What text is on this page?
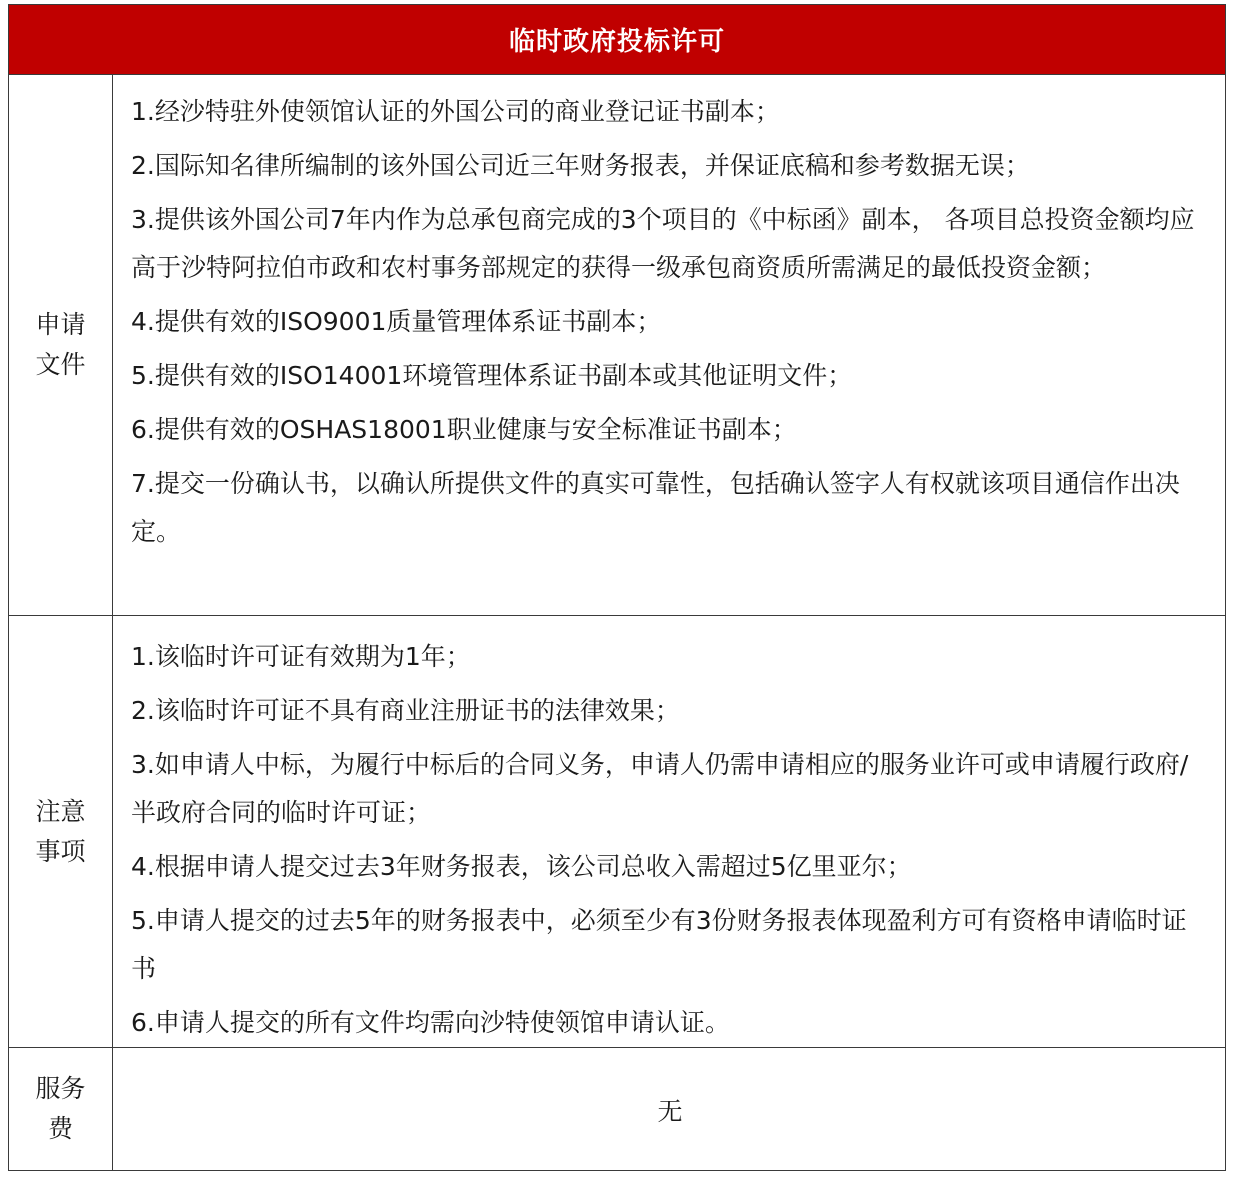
临时政府投标许可
申请文件
1.经沙特驻外使领馆认证的外国公司的商业登记证书副本；
2.国际知名律所编制的该外国公司近三年财务报表，并保证底稿和参考数据无误；
3.提供该外国公司7年内作为总承包商完成的3个项目的《中标函》副本， 各项目总投资金额均应高于沙特阿拉伯市政和农村事务部规定的获得一级承包商资质所需满足的最低投资金额；
4.提供有效的ISO9001质量管理体系证书副本；
5.提供有效的ISO14001环境管理体系证书副本或其他证明文件；
6.提供有效的OSHAS18001职业健康与安全标准证书副本；
7.提交一份确认书，以确认所提供文件的真实可靠性，包括确认签字人有权就该项目通信作出决定。
注意事项
1.该临时许可证有效期为1年；
2.该临时许可证不具有商业注册证书的法律效果；
3.如申请人中标，为履行中标后的合同义务，申请人仍需申请相应的服务业许可或申请履行政府/半政府合同的临时许可证；
4.根据申请人提交过去3年财务报表，该公司总收入需超过5亿里亚尔；
5.申请人提交的过去5年的财务报表中，必须至少有3份财务报表体现盈利方可有资格申请临时证书
6.申请人提交的所有文件均需向沙特使领馆申请认证。
服务费
无
